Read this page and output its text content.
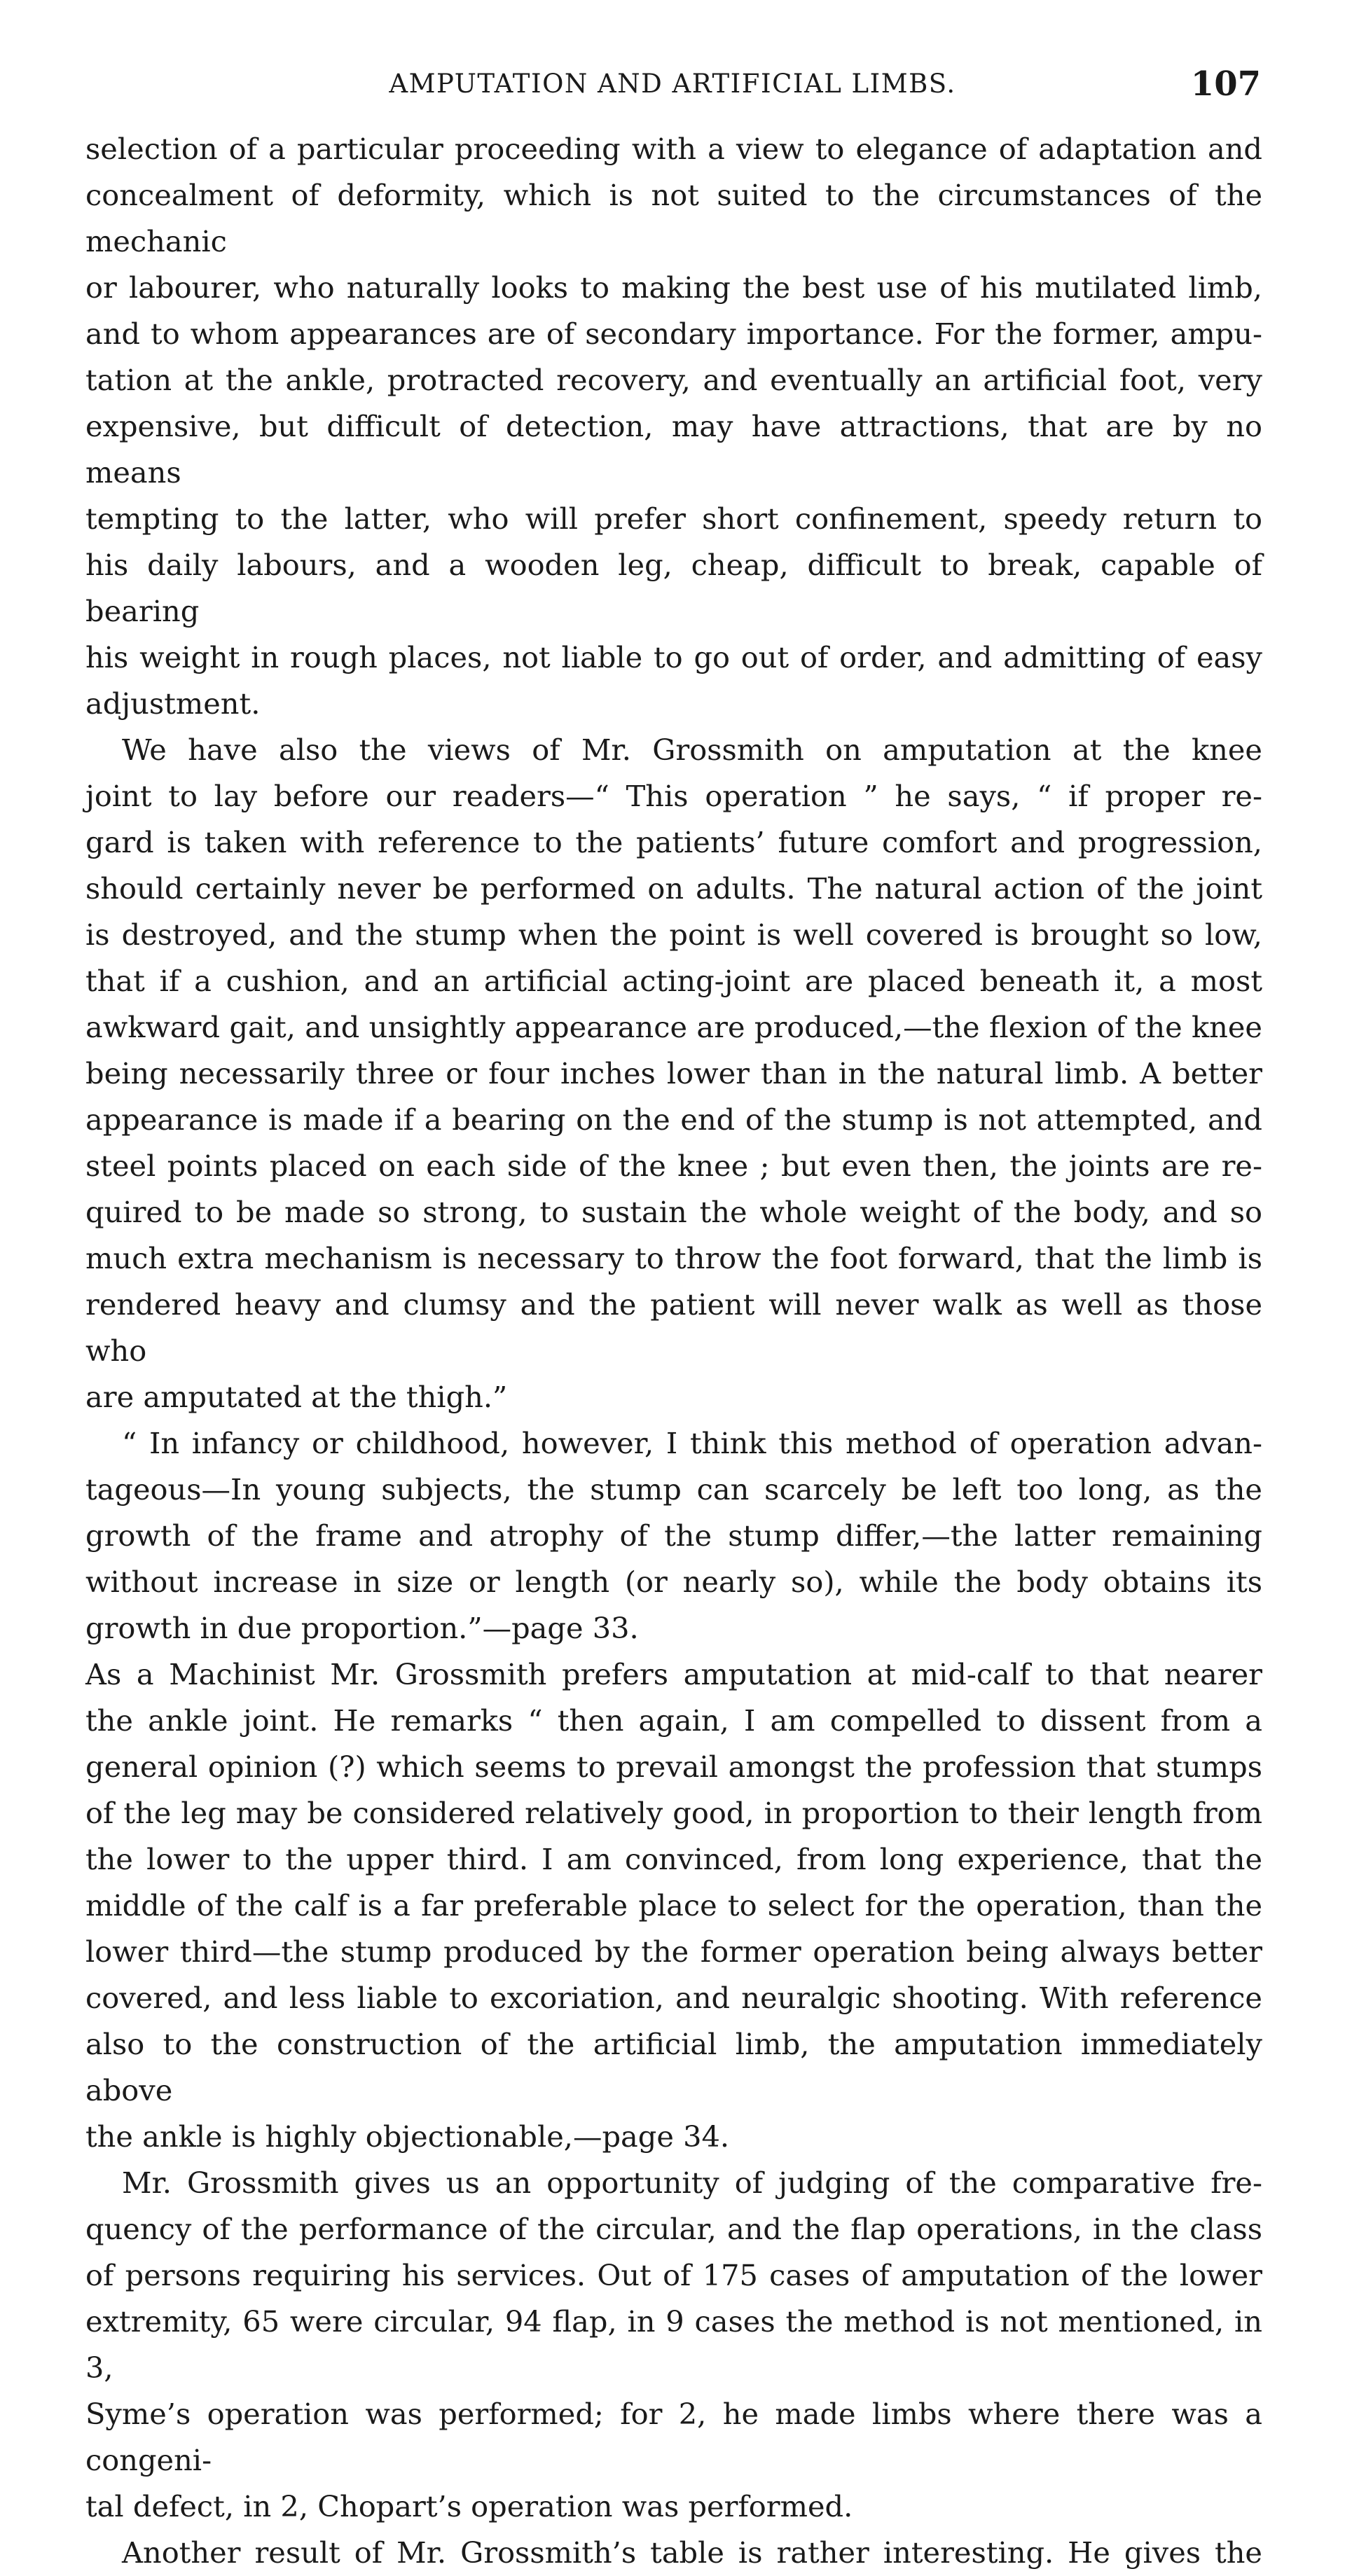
AMPUTATION AND ARTIFICIAL LIMBS.	107
selection of a particular proceeding with a view to elegance of adaptation and
concealment of deformity, which is not suited to the circumstances of the mechanic
or labourer, who naturally looks to making the best use of his mutilated limb,
and to whom appearances are of secondary importance. For the former, ampu-
tation at the ankle, protracted recovery, and eventually an artificial foot, very
expensive, but difficult of detection, may have attractions, that are by no means
tempting to the latter, who will prefer short confinement, speedy return to
his daily labours, and a wooden leg, cheap, difficult to break, capable of bearing
his weight in rough places, not liable to go out of order, and admitting of easy
adjustment.
We have also the views of Mr. Grossmith on amputation at the knee
joint to lay before our readers—“ This operation ” he says, “ if proper re-
gard is taken with reference to the patients’ future comfort and progression,
should certainly never be performed on adults. The natural action of the joint
is destroyed, and the stump when the point is well covered is brought so low,
that if a cushion, and an artificial acting-joint are placed beneath it, a most
awkward gait, and unsightly appearance are produced,—the flexion of the knee
being necessarily three or four inches lower than in the natural limb. A better
appearance is made if a bearing on the end of the stump is not attempted, and
steel points placed on each side of the knee ; but even then, the joints are re-
quired to be made so strong, to sustain the whole weight of the body, and so
much extra mechanism is necessary to throw the foot forward, that the limb is
rendered heavy and clumsy and the patient will never walk as well as those who
are amputated at the thigh.”
“ In infancy or childhood, however, I think this method of operation advan-
tageous—In young subjects, the stump can scarcely be left too long, as the
growth of the frame and atrophy of the stump differ,—the latter remaining
without increase in size or length (or nearly so), while the body obtains its
growth in due proportion.”—page 33.
As a Machinist Mr. Grossmith prefers amputation at mid-calf to that nearer
the ankle joint. He remarks “ then again, I am compelled to dissent from a
general opinion (?) which seems to prevail amongst the profession that stumps
of the leg may be considered relatively good, in proportion to their length from
the lower to the upper third. I am convinced, from long experience, that the
middle of the calf is a far preferable place to select for the operation, than the
lower third—the stump produced by the former operation being always better
covered, and less liable to excoriation, and neuralgic shooting. With reference
also to the construction of the artificial limb, the amputation immediately above
the ankle is highly objectionable,—page 34.
Mr. Grossmith gives us an opportunity of judging of the comparative fre-
quency of the performance of the circular, and the flap operations, in the class
of persons requiring his services. Out of 175 cases of amputation of the lower
extremity, 65 were circular, 94 flap, in 9 cases the method is not mentioned, in 3,
Syme’s operation was performed; for 2, he made limbs where there was a congeni-
tal defect, in 2, Chopart’s operation was performed.
Another result of Mr. Grossmith’s table is rather interesting. He gives the
